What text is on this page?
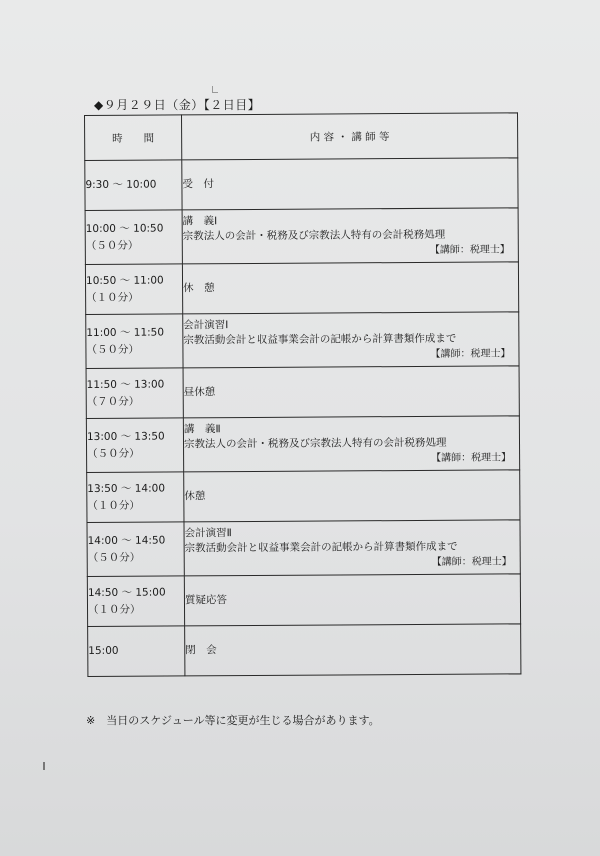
◆９月２９日（金）【２日目】
時　　間	内 容 ・ 講 師 等

9:30 ～ 10:00	受　付

10:00 ～ 10:50
（５０分）	講　義Ⅰ
宗教法人の会計・税務及び宗教法人特有の会計税務処理
【講師：税理士】

10:50 ～ 11:00
（１０分）	休　憩

11:00 ～ 11:50
（５０分）	会計演習Ⅰ
宗教活動会計と収益事業会計の記帳から計算書類作成まで
【講師：税理士】

11:50 ～ 13:00
（７０分）	昼休憩

13:00 ～ 13:50
（５０分）	講　義Ⅱ
宗教法人の会計・税務及び宗教法人特有の会計税務処理
【講師：税理士】

13:50 ～ 14:00
（１０分）	休憩

14:00 ～ 14:50
（５０分）	会計演習Ⅱ
宗教活動会計と収益事業会計の記帳から計算書類作成まで
【講師：税理士】

14:50 ～ 15:00
（１０分）	質疑応答

15:00	閉　会
※　当日のスケジュール等に変更が生じる場合があります。
